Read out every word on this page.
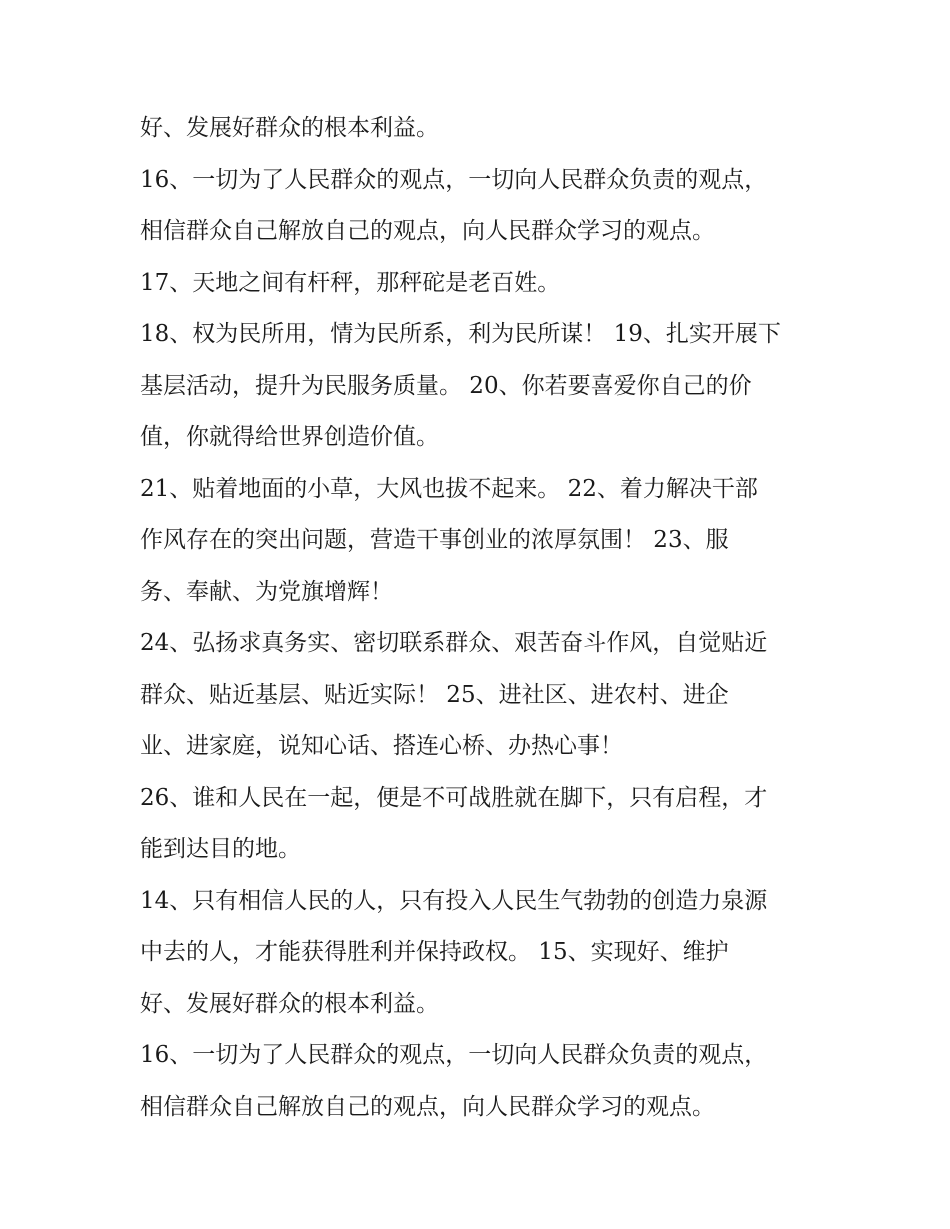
好、发展好群众的根本利益。
16、一切为了人民群众的观点，一切向人民群众负责的观点，
相信群众自己解放自己的观点，向人民群众学习的观点。
17、天地之间有杆秤，那秤砣是老百姓。
18、权为民所用，情为民所系，利为民所谋！ 19、扎实开展下
基层活动，提升为民服务质量。 20、你若要喜爱你自己的价
值，你就得给世界创造价值。
21、贴着地面的小草，大风也拔不起来。 22、着力解决干部
作风存在的突出问题，营造干事创业的浓厚氛围！ 23、服
务、奉献、为党旗增辉！
24、弘扬求真务实、密切联系群众、艰苦奋斗作风，自觉贴近
群众、贴近基层、贴近实际！ 25、进社区、进农村、进企
业、进家庭，说知心话、搭连心桥、办热心事！
26、谁和人民在一起，便是不可战胜就在脚下，只有启程，才
能到达目的地。
14、只有相信人民的人，只有投入人民生气勃勃的创造力泉源
中去的人，才能获得胜利并保持政权。 15、实现好、维护
好、发展好群众的根本利益。
16、一切为了人民群众的观点，一切向人民群众负责的观点，
相信群众自己解放自己的观点，向人民群众学习的观点。
